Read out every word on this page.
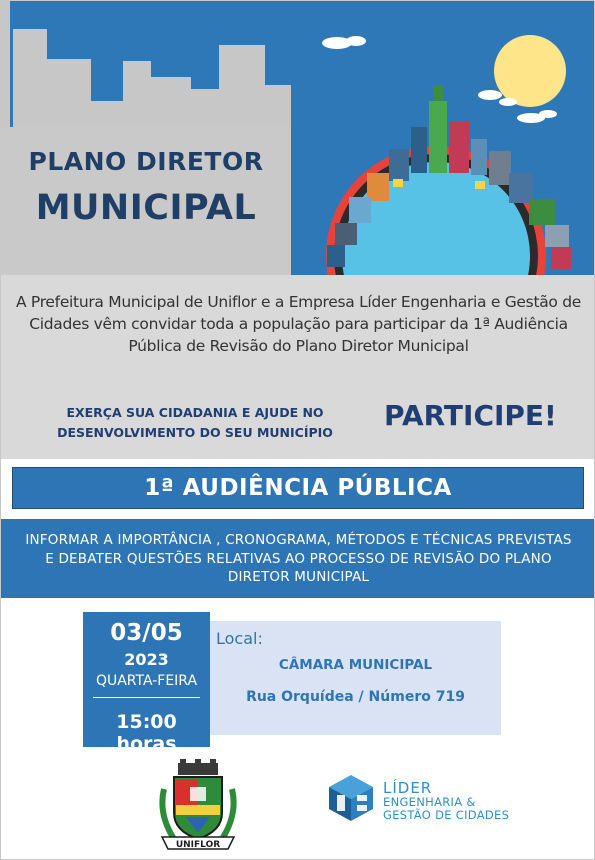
PLANO DIRETOR
MUNICIPAL
A Prefeitura Municipal de Uniflor e a Empresa Líder Engenharia e Gestão de Cidades vêm convidar toda a população para participar da 1ª Audiência Pública de Revisão do Plano Diretor Municipal
EXERÇA SUA CIDADANIA E AJUDE NO
DESENVOLVIMENTO DO SEU MUNICÍPIO
PARTICIPE!
1ª AUDIÊNCIA PÚBLICA
INFORMAR A IMPORTÂNCIA , CRONOGRAMA, MÉTODOS E TÉCNICAS PREVISTAS
E DEBATER QUESTÕES RELATIVAS AO PROCESSO DE REVISÃO DO PLANO
DIRETOR MUNICIPAL
03/05
2023
QUARTA-FEIRA
15:00 horas
Local:
CÂMARA MUNICIPAL
Rua Orquídea / Número 719
UNIFLOR
LÍDER
ENGENHARIA &
GESTÃO DE CIDADES
